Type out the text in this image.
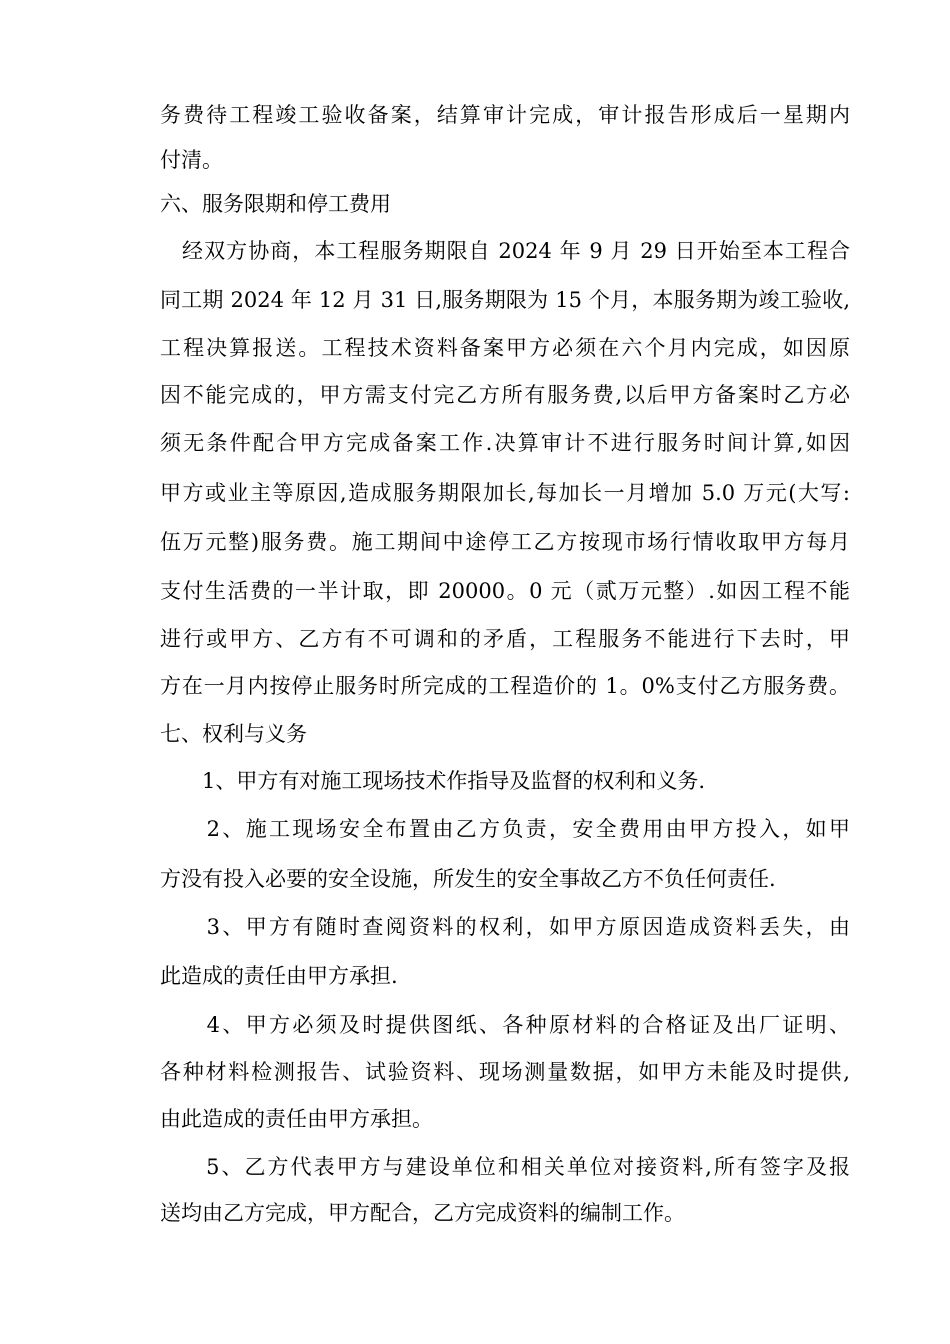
务费待工程竣工验收备案，结算审计完成，审计报告形成后一星期内
付清。
六、服务限期和停工费用
　经双方协商，本工程服务期限自 2024 年 9 月 29 日开始至本工程合
同工期 2024 年 12 月 31 日,服务期限为 15 个月，本服务期为竣工验收,
工程决算报送。工程技术资料备案甲方必须在六个月内完成，如因原
因不能完成的，甲方需支付完乙方所有服务费,以后甲方备案时乙方必
须无条件配合甲方完成备案工作.决算审计不进行服务时间计算,如因
甲方或业主等原因,造成服务期限加长,每加长一月增加 5.0 万元(大写:
伍万元整)服务费。施工期间中途停工乙方按现市场行情收取甲方每月
支付生活费的一半计取，即 20000。0 元（贰万元整）.如因工程不能
进行或甲方、乙方有不可调和的矛盾，工程服务不能进行下去时，甲
方在一月内按停止服务时所完成的工程造价的 1。0%支付乙方服务费。
七、权利与义务
　　1、甲方有对施工现场技术作指导及监督的权利和义务.
　　2、施工现场安全布置由乙方负责，安全费用由甲方投入，如甲
方没有投入必要的安全设施，所发生的安全事故乙方不负任何责任.
　　3、甲方有随时查阅资料的权利，如甲方原因造成资料丢失，由
此造成的责任由甲方承担.
　　4、甲方必须及时提供图纸、各种原材料的合格证及出厂证明、
各种材料检测报告、试验资料、现场测量数据，如甲方未能及时提供,
由此造成的责任由甲方承担。
　　5、乙方代表甲方与建设单位和相关单位对接资料,所有签字及报
送均由乙方完成，甲方配合，乙方完成资料的编制工作。
